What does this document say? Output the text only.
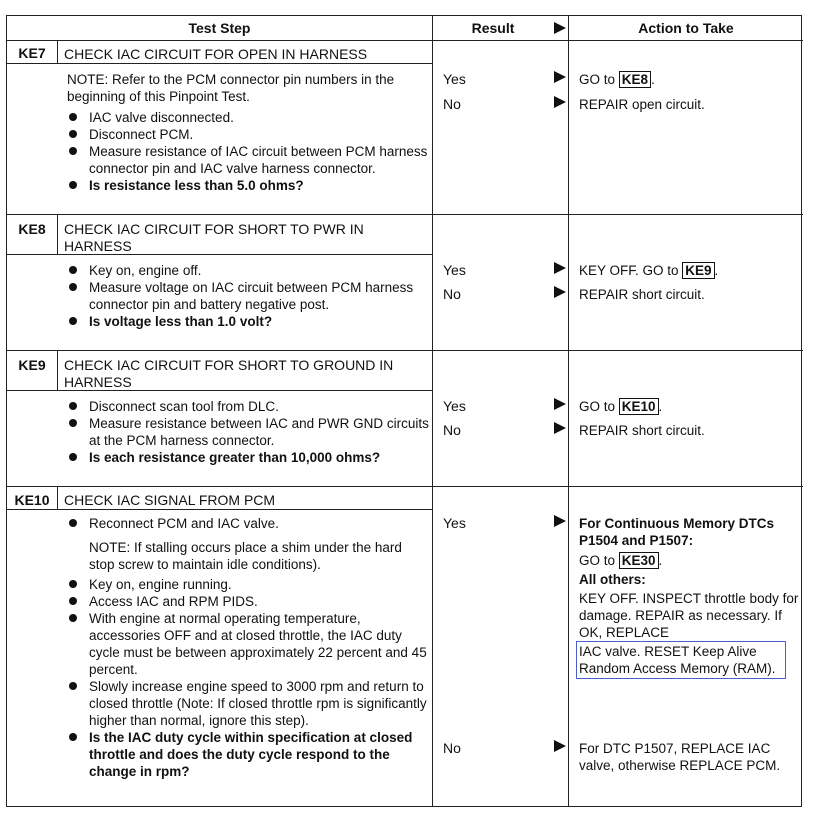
Test Step	Result	Action to Take
KE7	CHECK IAC CIRCUIT FOR OPEN IN HARNESS
NOTE: Refer to the PCM connector pin numbers in the beginning of this Pinpoint Test.
IAC valve disconnected.
Disconnect PCM.
Measure resistance of IAC circuit between PCM harness connector pin and IAC valve harness connector.
Is resistance less than 5.0 ohms?
Yes	GO to KE8 .
No	REPAIR open circuit.
KE8	CHECK IAC CIRCUIT FOR SHORT TO PWR IN HARNESS
Key on, engine off.
Measure voltage on IAC circuit between PCM harness connector pin and battery negative post.
Is voltage less than 1.0 volt?
Yes	KEY OFF. GO to KE9 .
No	REPAIR short circuit.
KE9	CHECK IAC CIRCUIT FOR SHORT TO GROUND IN HARNESS
Disconnect scan tool from DLC.
Measure resistance between IAC and PWR GND circuits at the PCM harness connector.
Is each resistance greater than 10,000 ohms?
Yes	GO to KE10 .
No	REPAIR short circuit.
KE10	CHECK IAC SIGNAL FROM PCM
Reconnect PCM and IAC valve.
NOTE: If stalling occurs place a shim under the hard stop screw to maintain idle conditions).
Key on, engine running.
Access IAC and RPM PIDS.
With engine at normal operating temperature, accessories OFF and at closed throttle, the IAC duty cycle must be between approximately 22 percent and 45 percent.
Slowly increase engine speed to 3000 rpm and return to closed throttle (Note: If closed throttle rpm is significantly higher than normal, ignore this step).
Is the IAC duty cycle within specification at closed throttle and does the duty cycle respond to the change in rpm?
Yes	For Continuous Memory DTCs P1504 and P1507:
GO to KE30 .
All others:
KEY OFF. INSPECT throttle body for damage. REPAIR as necessary. If OK, REPLACE
IAC valve. RESET Keep Alive Random Access Memory (RAM).
No	For DTC P1507, REPLACE IAC valve, otherwise REPLACE PCM.
